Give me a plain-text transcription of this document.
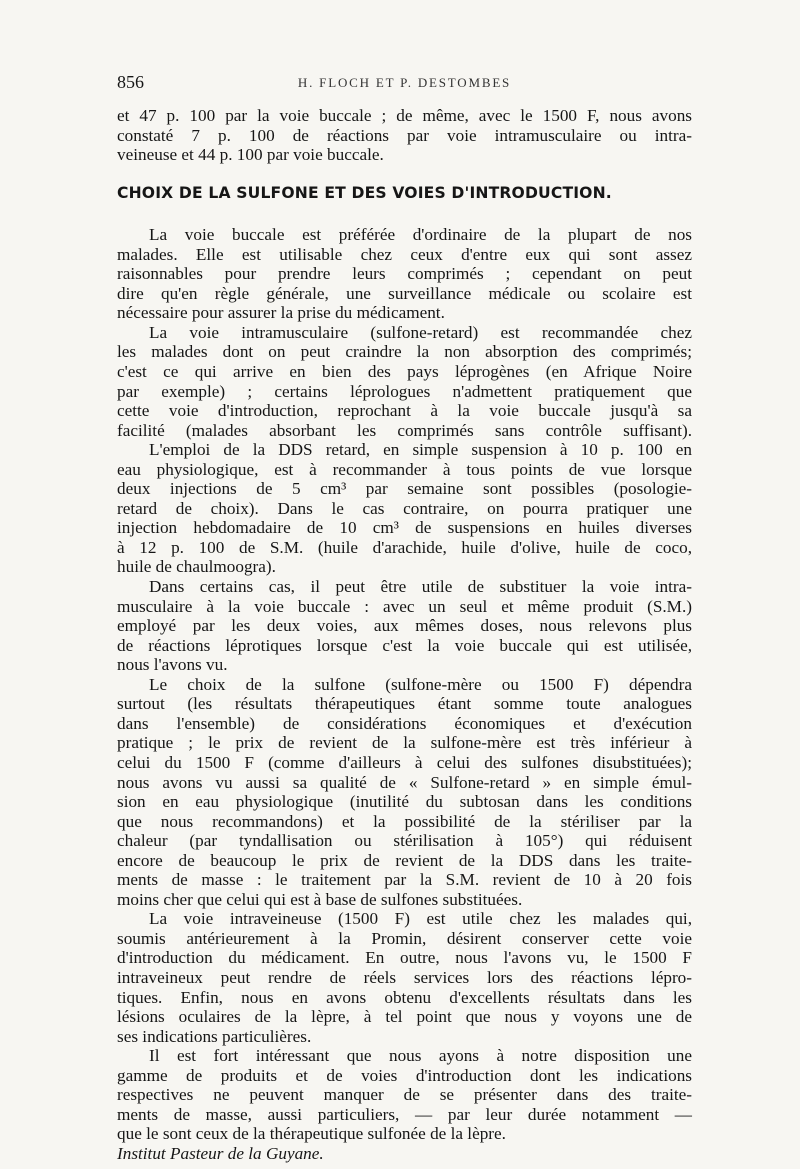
856	H. FLOCH ET P. DESTOMBES

et 47 p. 100 par la voie buccale ; de même, avec le 1500 F, nous avons

constaté 7 p. 100 de réactions par voie intramusculaire ou intra-

veineuse et 44 p. 100 par voie buccale.

CHOIX DE LA SULFONE ET DES VOIES D'INTRODUCTION.

La voie buccale est préférée d'ordinaire de la plupart de nos

malades. Elle est utilisable chez ceux d'entre eux qui sont assez

raisonnables pour prendre leurs comprimés ; cependant on peut

dire qu'en règle générale, une surveillance médicale ou scolaire est

nécessaire pour assurer la prise du médicament.

La voie intramusculaire (sulfone-retard) est recommandée chez

les malades dont on peut craindre la non absorption des comprimés;

c'est ce qui arrive en bien des pays léprogènes (en Afrique Noire

par exemple) ; certains léprologues n'admettent pratiquement que

cette voie d'introduction, reprochant à la voie buccale jusqu'à sa

facilité (malades absorbant les comprimés sans contrôle suffisant).

L'emploi de la DDS retard, en simple suspension à 10 p. 100 en

eau physiologique, est à recommander à tous points de vue lorsque

deux injections de 5 cm³ par semaine sont possibles (posologie-

retard de choix). Dans le cas contraire, on pourra pratiquer une

injection hebdomadaire de 10 cm³ de suspensions en huiles diverses

à 12 p. 100 de S.M. (huile d'arachide, huile d'olive, huile de coco,

huile de chaulmoogra).

Dans certains cas, il peut être utile de substituer la voie intra-

musculaire à la voie buccale : avec un seul et même produit (S.M.)

employé par les deux voies, aux mêmes doses, nous relevons plus

de réactions léprotiques lorsque c'est la voie buccale qui est utilisée,

nous l'avons vu.

Le choix de la sulfone (sulfone-mère ou 1500 F) dépendra

surtout (les résultats thérapeutiques étant somme toute analogues

dans l'ensemble) de considérations économiques et d'exécution

pratique ; le prix de revient de la sulfone-mère est très inférieur à

celui du 1500 F (comme d'ailleurs à celui des sulfones disubstituées);

nous avons vu aussi sa qualité de « Sulfone-retard » en simple émul-

sion en eau physiologique (inutilité du subtosan dans les conditions

que nous recommandons) et la possibilité de la stériliser par la

chaleur (par tyndallisation ou stérilisation à 105°) qui réduisent

encore de beaucoup le prix de revient de la DDS dans les traite-

ments de masse : le traitement par la S.M. revient de 10 à 20 fois

moins cher que celui qui est à base de sulfones substituées.

La voie intraveineuse (1500 F) est utile chez les malades qui,

soumis antérieurement à la Promin, désirent conserver cette voie

d'introduction du médicament. En outre, nous l'avons vu, le 1500 F

intraveineux peut rendre de réels services lors des réactions lépro-

tiques. Enfin, nous en avons obtenu d'excellents résultats dans les

lésions oculaires de la lèpre, à tel point que nous y voyons une de

ses indications particulières.

Il est fort intéressant que nous ayons à notre disposition une

gamme de produits et de voies d'introduction dont les indications

respectives ne peuvent manquer de se présenter dans des traite-

ments de masse, aussi particuliers, — par leur durée notamment —

que le sont ceux de la thérapeutique sulfonée de la lèpre.

Institut Pasteur de la Guyane.
